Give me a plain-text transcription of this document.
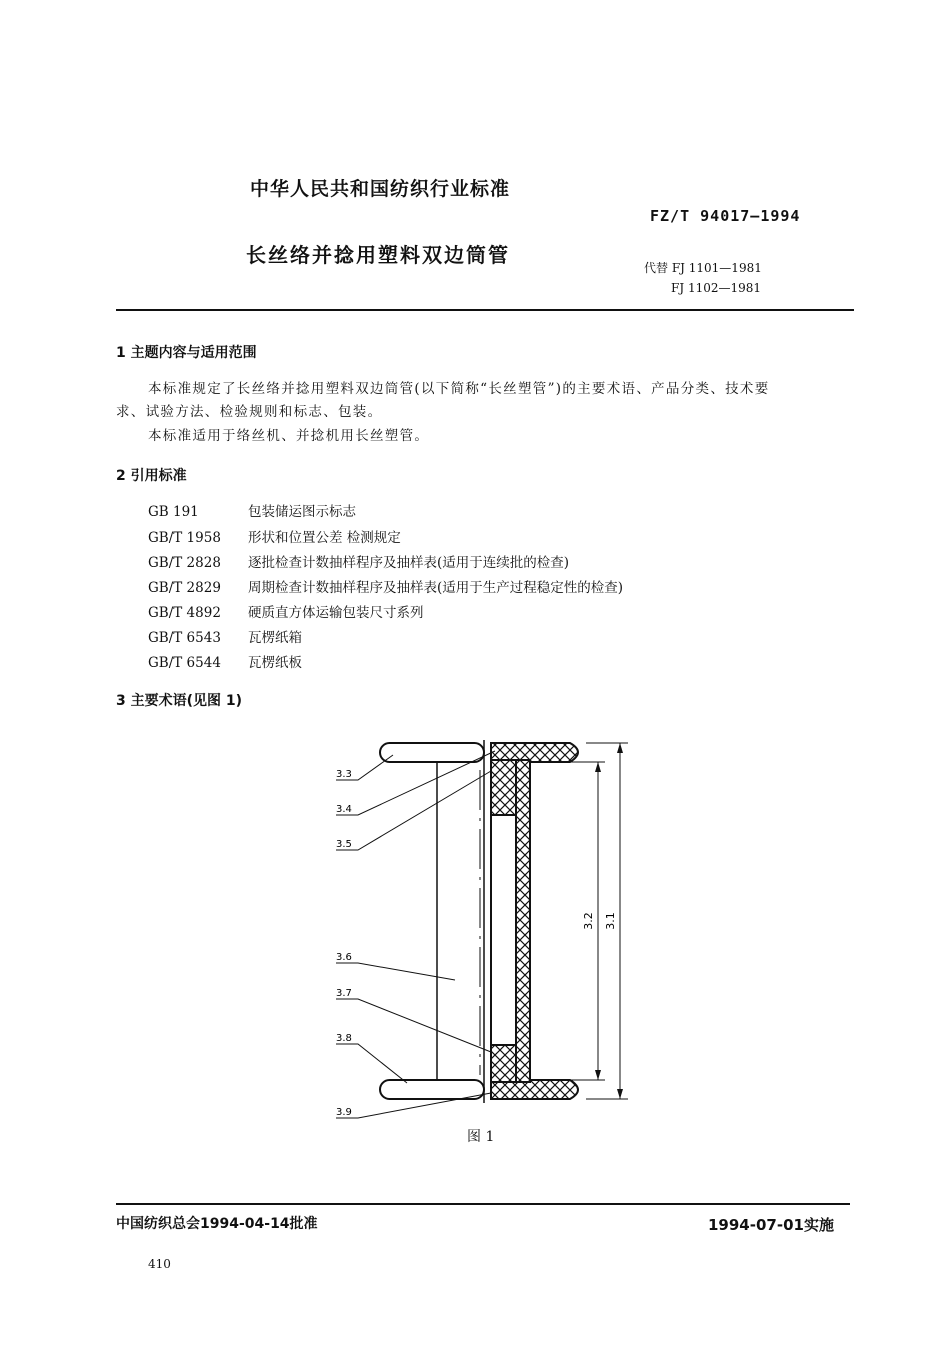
中华人民共和国纺织行业标准
FZ/T 94017—1994
长丝络并捻用塑料双边筒管
代替 FJ 1101—1981
FJ 1102—1981
1 主题内容与适用范围
本标准规定了长丝络并捻用塑料双边筒管(以下简称“长丝塑管”)的主要术语、产品分类、技术要
求、试验方法、检验规则和标志、包装。
本标准适用于络丝机、并捻机用长丝塑管。
2 引用标准
GB 191	包装储运图示标志
GB/T 1958 形状和位置公差 检测规定
GB/T 2828 逐批检查计数抽样程序及抽样表(适用于连续批的检查)
GB/T 2829 周期检查计数抽样程序及抽样表(适用于生产过程稳定性的检查)
GB/T 4892 硬质直方体运输包装尺寸系列
GB/T 6543 瓦楞纸箱
GB/T 6544 瓦楞纸板
3 主要术语(见图 1)
3.2 3.1
3.3
3.4
3.5
3.6
3.7
3.8
3.9
图 1
中国纺织总会1994-04-14批准	1994-07-01实施
410
